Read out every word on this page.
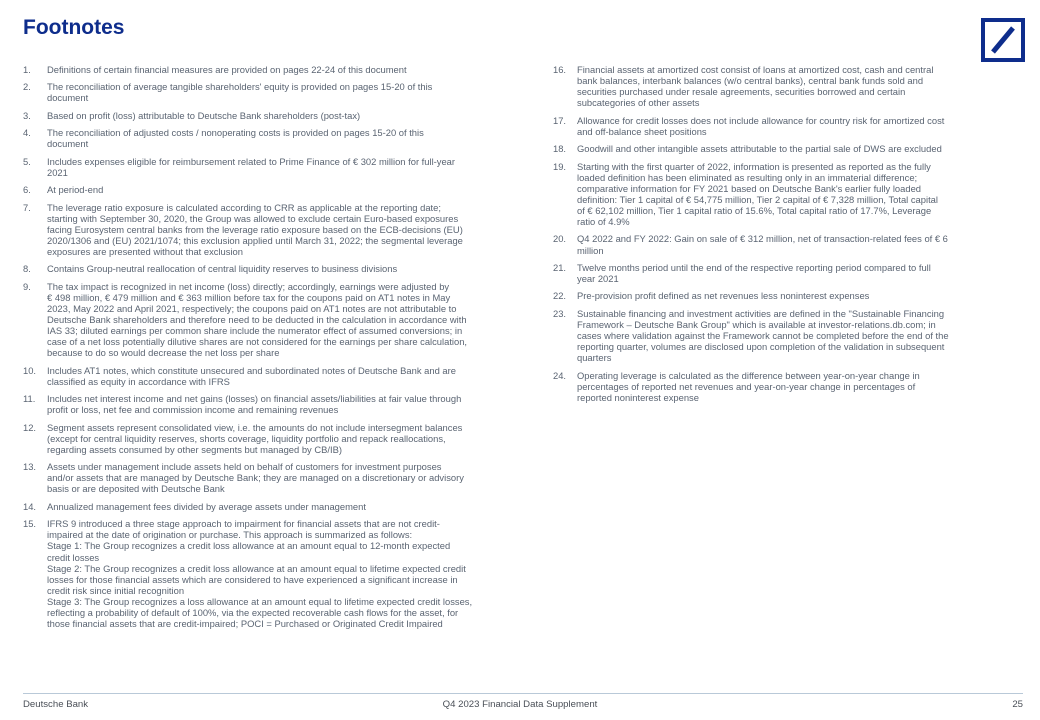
Footnotes
1.	Definitions of certain financial measures are provided on pages 22-24 of this document
2.	The reconciliation of average tangible shareholders' equity is provided on pages 15-20 of this
document
3.	Based on profit (loss) attributable to Deutsche Bank shareholders (post-tax)
4.	The reconciliation of adjusted costs / nonoperating costs is provided on pages 15-20 of this
document
5.	Includes expenses eligible for reimbursement related to Prime Finance of € 302 million for full-year
2021
6.	At period-end
7.	The leverage ratio exposure is calculated according to CRR as applicable at the reporting date;
starting with September 30, 2020, the Group was allowed to exclude certain Euro-based exposures
facing Eurosystem central banks from the leverage ratio exposure based on the ECB-decisions (EU)
2020/1306 and (EU) 2021/1074; this exclusion applied until March 31, 2022; the segmental leverage
exposures are presented without that exclusion
8.	Contains Group-neutral reallocation of central liquidity reserves to business divisions
9.	The tax impact is recognized in net income (loss) directly; accordingly, earnings were adjusted by
€ 498 million, € 479 million and € 363 million before tax for the coupons paid on AT1 notes in May
2023, May 2022 and April 2021, respectively; the coupons paid on AT1 notes are not attributable to
Deutsche Bank shareholders and therefore need to be deducted in the calculation in accordance with
IAS 33; diluted earnings per common share include the numerator effect of assumed conversions; in
case of a net loss potentially dilutive shares are not considered for the earnings per share calculation,
because to do so would decrease the net loss per share
10.	Includes AT1 notes, which constitute unsecured and subordinated notes of Deutsche Bank and are
classified as equity in accordance with IFRS
11.	Includes net interest income and net gains (losses) on financial assets/liabilities at fair value through
profit or loss, net fee and commission income and remaining revenues
12.	Segment assets represent consolidated view, i.e. the amounts do not include intersegment balances
(except for central liquidity reserves, shorts coverage, liquidity portfolio and repack reallocations,
regarding assets consumed by other segments but managed by CB/IB)
13.	Assets under management include assets held on behalf of customers for investment purposes
and/or assets that are managed by Deutsche Bank; they are managed on a discretionary or advisory
basis or are deposited with Deutsche Bank
14.	Annualized management fees divided by average assets under management
15.	IFRS 9 introduced a three stage approach to impairment for financial assets that are not credit-
impaired at the date of origination or purchase. This approach is summarized as follows:
Stage 1: The Group recognizes a credit loss allowance at an amount equal to 12-month expected
credit losses
Stage 2: The Group recognizes a credit loss allowance at an amount equal to lifetime expected credit
losses for those financial assets which are considered to have experienced a significant increase in
credit risk since initial recognition
Stage 3: The Group recognizes a loss allowance at an amount equal to lifetime expected credit losses,
reflecting a probability of default of 100%, via the expected recoverable cash flows for the asset, for
those financial assets that are credit-impaired; POCI = Purchased or Originated Credit Impaired
16.	Financial assets at amortized cost consist of loans at amortized cost, cash and central
bank balances, interbank balances (w/o central banks), central bank funds sold and
securities purchased under resale agreements, securities borrowed and certain
subcategories of other assets
17.	Allowance for credit losses does not include allowance for country risk for amortized cost
and off-balance sheet positions
18.	Goodwill and other intangible assets attributable to the partial sale of DWS are excluded
19.	Starting with the first quarter of 2022, information is presented as reported as the fully
loaded definition has been eliminated as resulting only in an immaterial difference;
comparative information for FY 2021 based on Deutsche Bank's earlier fully loaded
definition: Tier 1 capital of € 54,775 million, Tier 2 capital of € 7,328 million, Total capital
of € 62,102 million, Tier 1 capital ratio of 15.6%, Total capital ratio of 17.7%, Leverage
ratio of 4.9%
20.	Q4 2022 and FY 2022: Gain on sale of € 312 million, net of transaction-related fees of € 6
million
21.	Twelve months period until the end of the respective reporting period compared to full
year 2021
22.	Pre-provision profit defined as net revenues less noninterest expenses
23.	Sustainable financing and investment activities are defined in the "Sustainable Financing
Framework – Deutsche Bank Group" which is available at investor-relations.db.com; in
cases where validation against the Framework cannot be completed before the end of the
reporting quarter, volumes are disclosed upon completion of the validation in subsequent
quarters
24.	Operating leverage is calculated as the difference between year-on-year change in
percentages of reported net revenues and year-on-year change in percentages of
reported noninterest expense
Deutsche Bank	Q4 2023 Financial Data Supplement	25
